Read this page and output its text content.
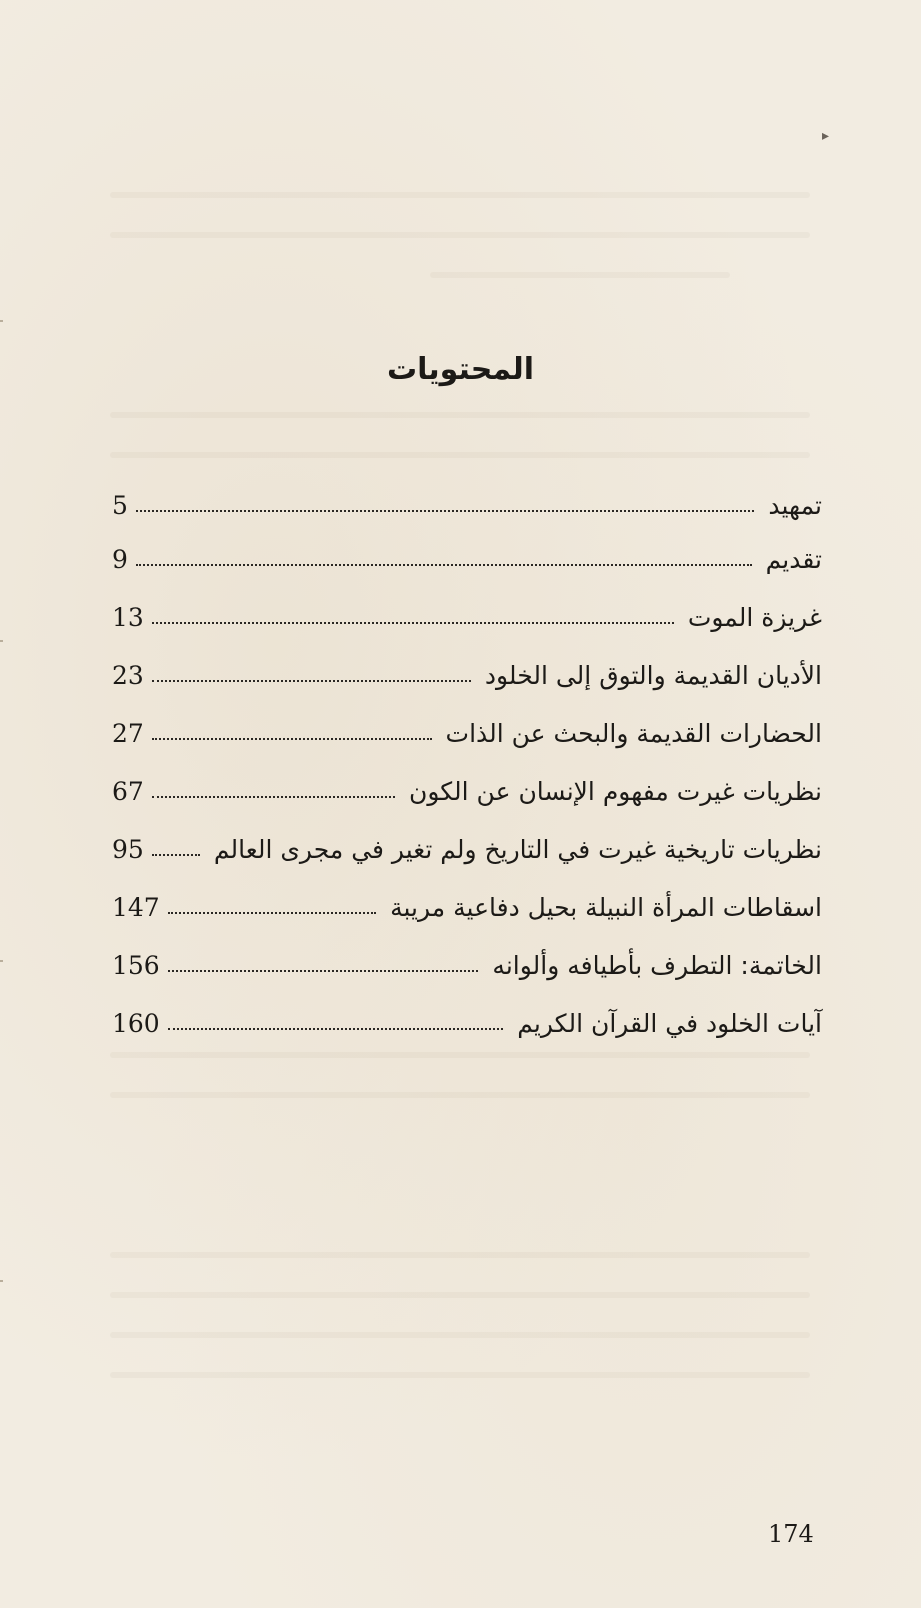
▸
المحتويات
تمهيد
5
تقديم
9
غريزة الموت
13
الأديان القديمة والتوق إلى الخلود
23
الحضارات القديمة والبحث عن الذات
27
نظريات غيرت مفهوم الإنسان عن الكون
67
نظريات تاريخية غيرت في التاريخ ولم تغير في مجرى العالم
95
اسقاطات المرأة النبيلة بحيل دفاعية مريبة
147
الخاتمة: التطرف بأطيافه وألوانه
156
آيات الخلود في القرآن الكريم
160
174
